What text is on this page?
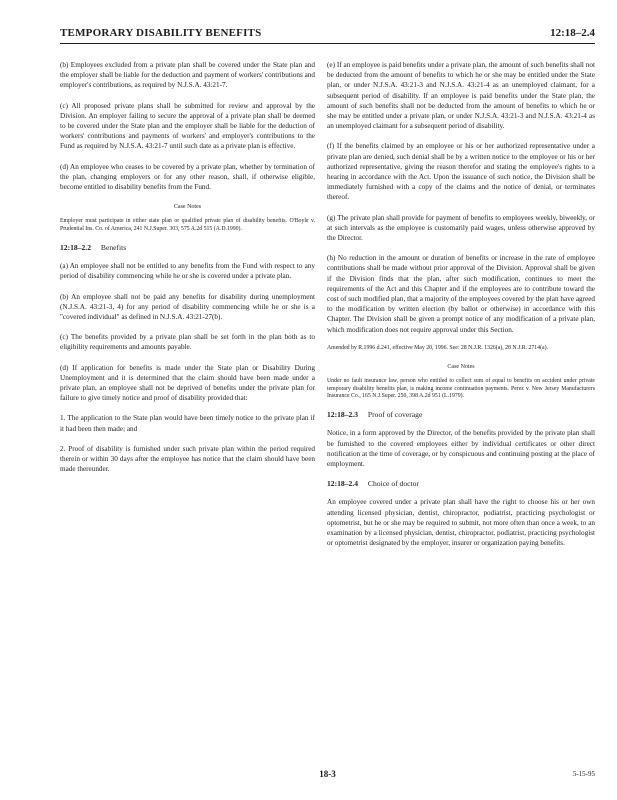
TEMPORARY DISABILITY BENEFITS	12:18–2.4

(b) Employees excluded from a private plan shall be covered under the State plan and the employer shall be liable for the deduction and payment of workers' contributions and employer's contributions, as required by N.J.S.A. 43:21-7.

(c) All proposed private plans shall be submitted for review and approval by the Division. An employer failing to secure the approval of a private plan shall be deemed to be covered under the State plan and the employer shall be liable for the deduction of workers' contributions and payments of workers' and employer's contributions to the Fund as required by N.J.S.A. 43:21-7 until such date as a private plan is effective.

(d) An employee who ceases to be covered by a private plan, whether by termination of the plan, changing employers or for any other reason, shall, if otherwise eligible, become entitled to disability benefits from the Fund.

Case Notes

Employer must participate in either state plan or qualified private plan of disability benefits. O'Boyle v. Prudential Ins. Co. of America, 241 N.J.Super. 303, 575 A.2d 515 (A.D.1990).

12:18–2.2 Benefits

(a) An employee shall not be entitled to any benefits from the Fund with respect to any period of disability commencing while he or she is covered under a private plan.

(b) An employee shall not be paid any benefits for disability during unemployment (N.J.S.A. 43:21-3, 4) for any period of disability commencing while he or she is a "covered individual" as defined in N.J.S.A. 43:21-27(b).

(c) The benefits provided by a private plan shall be set forth in the plan both as to eligibility requirements and amounts payable.

(d) If application for benefits is made under the State plan or Disability During Unemployment and it is determined that the claim should have been made under a private plan, an employee shall not be deprived of benefits under the private plan for failure to give timely notice and proof of disability provided that:

1. The application to the State plan would have been timely notice to the private plan if it had been then made; and

2. Proof of disability is furnished under such private plan within the period required therein or within 30 days after the employee has notice that the claim should have been made thereunder.

(e) If an employee is paid benefits under a private plan, the amount of such benefits shall not be deducted from the amount of benefits to which he or she may be entitled under the State plan, or under N.J.S.A. 43:21-3 and N.J.S.A. 43:21-4 as an unemployed claimant, for a subsequent period of disability. If an employee is paid benefits under the State plan, the amount of such benefits shall not be deducted from the amount of benefits to which he or she may be entitled under a private plan, or under N.J.S.A. 43:21-3 and N.J.S.A. 43:21-4 as an unemployed claimant for a subsequent period of disability.

(f) If the benefits claimed by an employee or his or her authorized representative under a private plan are denied, such denial shall be by a written notice to the employee or his or her authorized representative, giving the reason therefor and stating the employee's rights to a hearing in accordance with the Act. Upon the issuance of such notice, the Division shall be immediately furnished with a copy of the claims and the notice of denial, or terminates thereof.

(g) The private plan shall provide for payment of benefits to employees weekly, biweekly, or at such intervals as the employee is customarily paid wages, unless otherwise approved by the Director.

(h) No reduction in the amount or duration of benefits or increase in the rate of employee contributions shall be made without prior approval of the Division. Approval shall be given if the Division finds that the plan, after such modification, continues to meet the requirements of the Act and this Chapter and if the employees are to contribute toward the cost of such modified plan, that a majority of the employees covered by the plan have agreed to the modification by written election (by ballot or otherwise) in accordance with this Chapter. The Division shall be given a prompt notice of any modification of a private plan, which modification does not require approval under this Section.

Amended by R.1996 d.241, effective May 20, 1996. See: 28 N.J.R. 1326(a), 28 N.J.R. 2714(a).

Case Notes

Under no fault insurance law, person who entitled to collect sum of equal to benefits on accident under private temporary disability benefits plan, is making income continuation payments. Perez v. New Jersey Manufacturers Insurance Co., 165 N.J.Super. 250, 398 A.2d 951 (L.1979).

12:18–2.3 Proof of coverage

Notice, in a form approved by the Director, of the benefits provided by the private plan shall be furnished to the covered employees either by individual certificates or other direct notification at the time of coverage, or by conspicuous and continuing posting at the place of employment.

12:18–2.4 Choice of doctor

An employee covered under a private plan shall have the right to choose his or her own attending licensed physician, dentist, chiropractor, podiatrist, practicing psychologist or optometrist, but he or she may be required to submit, not more often than once a week, to an examination by a licensed physician, dentist, chiropractor, podiatrist, practicing psychologist or optometrist designated by the employer, insurer or organization paying benefits.

18-3	5-15-95
